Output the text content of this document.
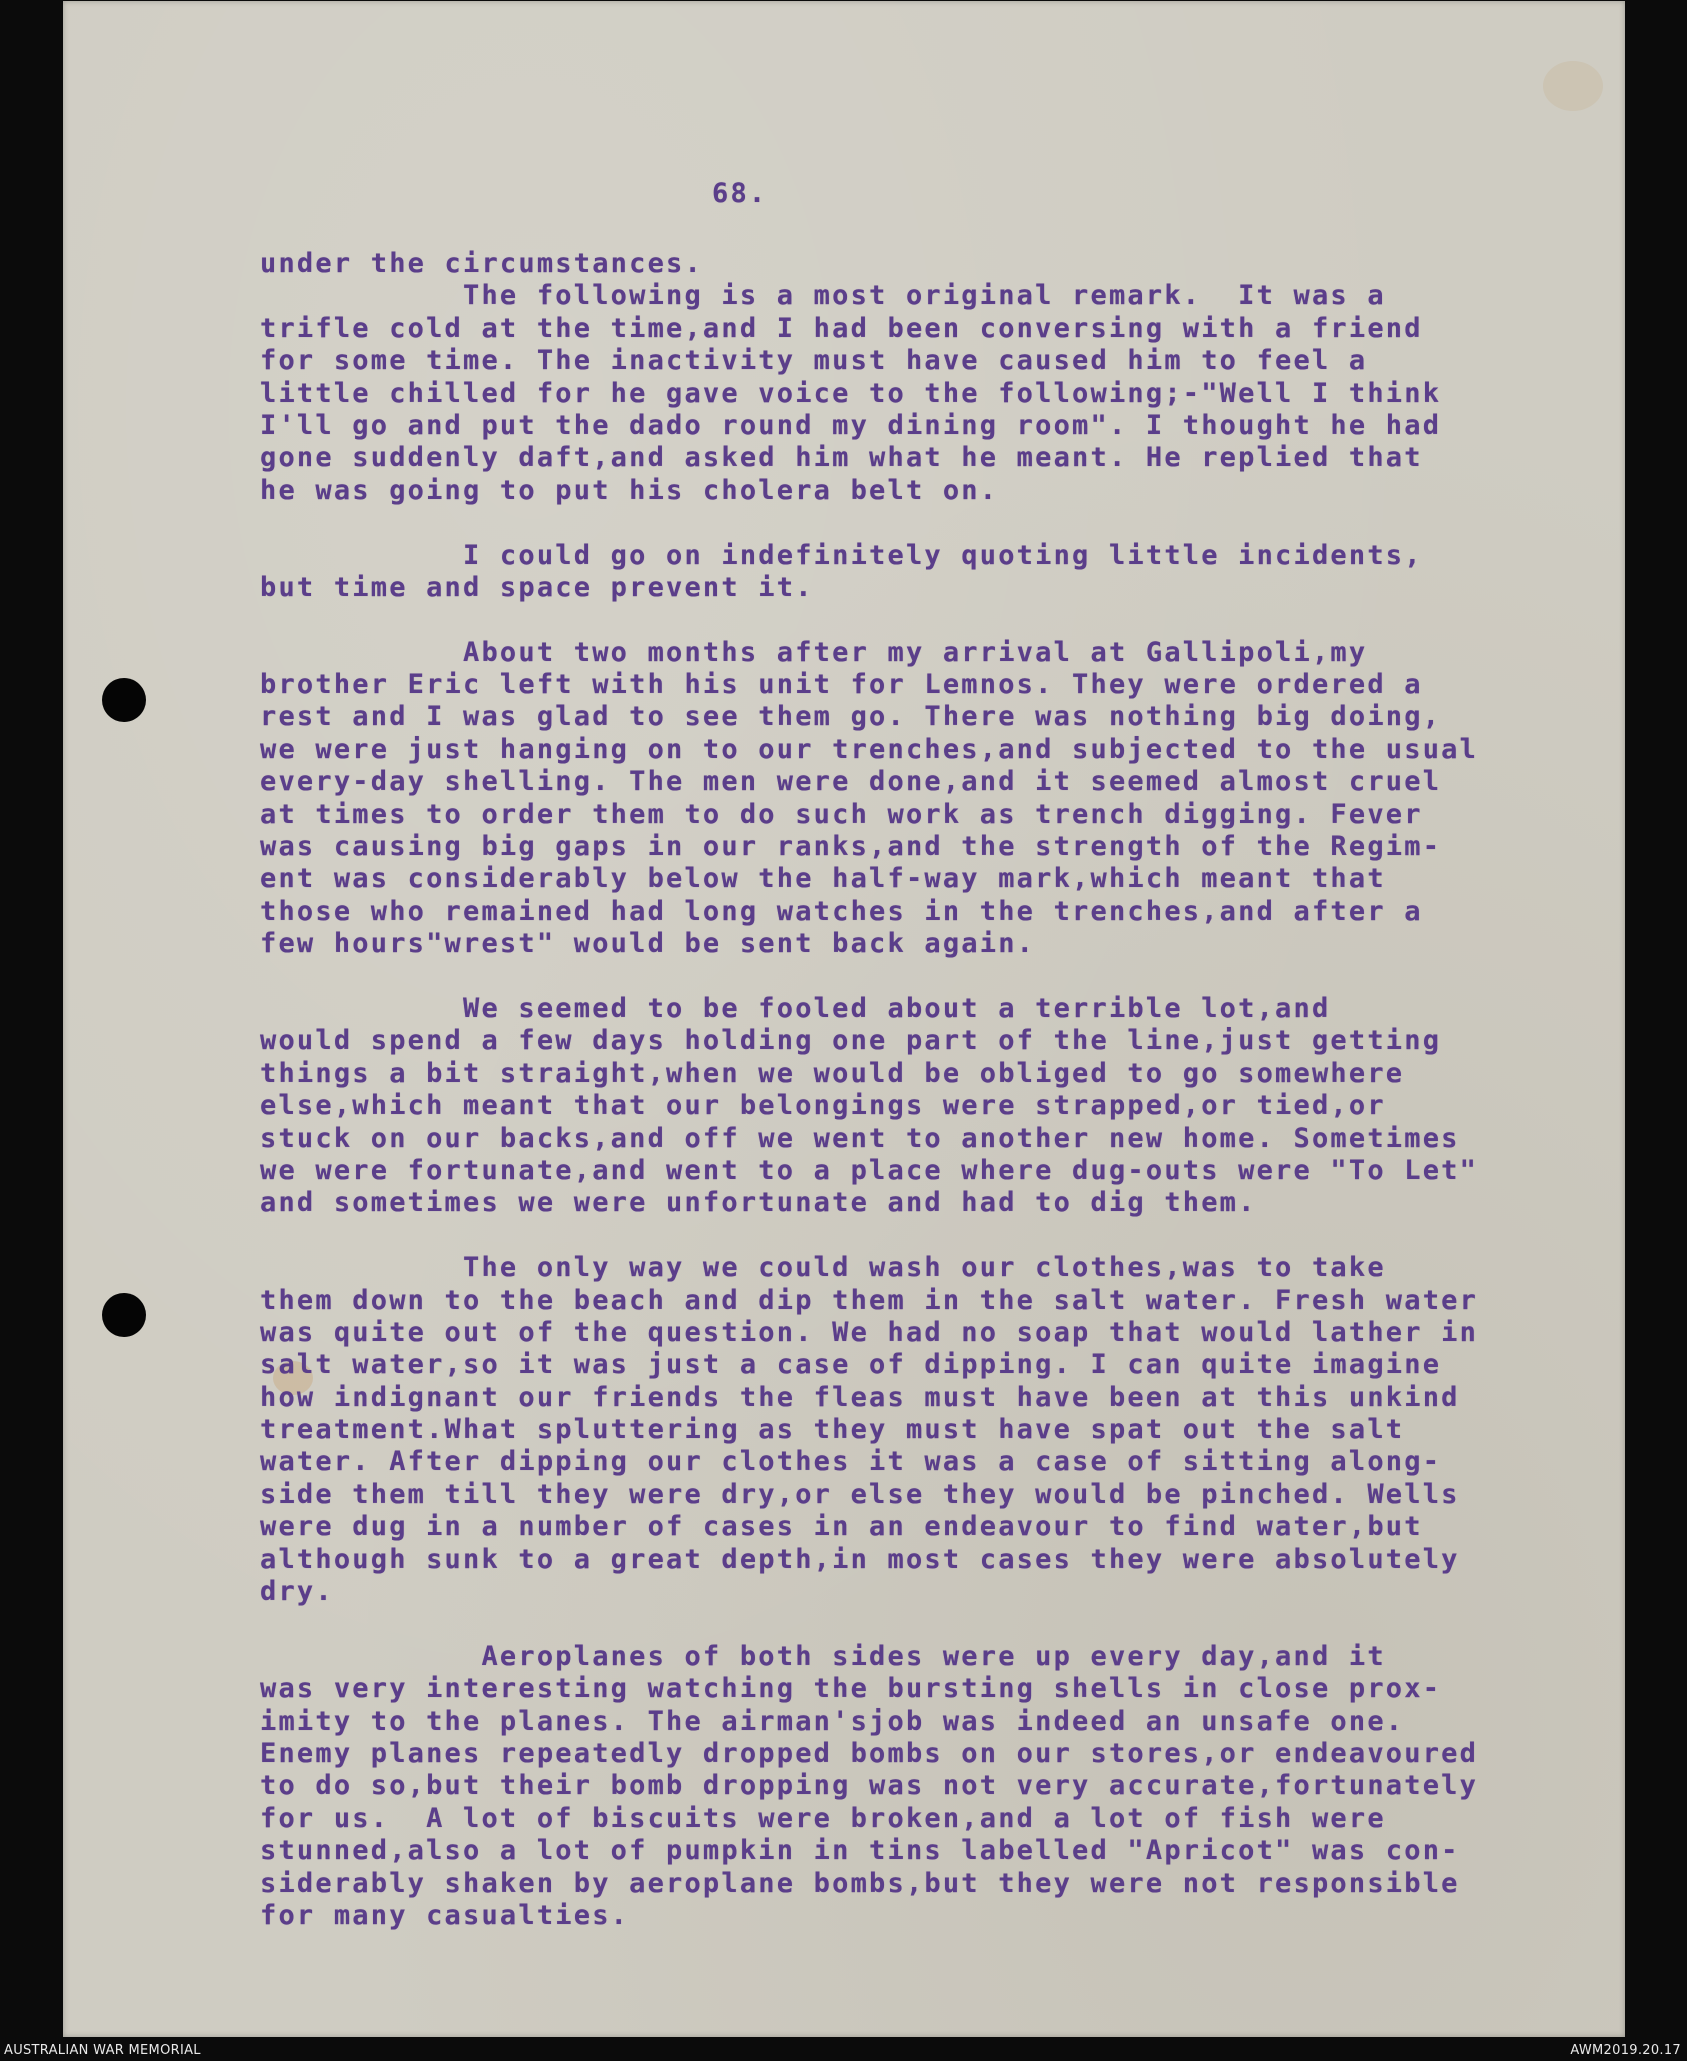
68.
under the circumstances.
The following is a most original remark.  It was a
trifle cold at the time,and I had been conversing with a friend
for some time. The inactivity must have caused him to feel a
little chilled for he gave voice to the following;-"Well I think
I'll go and put the dado round my dining room". I thought he had
gone suddenly daft,and asked him what he meant. He replied that
he was going to put his cholera belt on.
I could go on indefinitely quoting little incidents,
but time and space prevent it.
About two months after my arrival at Gallipoli,my
brother Eric left with his unit for Lemnos. They were ordered a
rest and I was glad to see them go. There was nothing big doing,
we were just hanging on to our trenches,and subjected to the usual
every-day shelling. The men were done,and it seemed almost cruel
at times to order them to do such work as trench digging. Fever
was causing big gaps in our ranks,and the strength of the Regim-
ent was considerably below the half-way mark,which meant that
those who remained had long watches in the trenches,and after a
few hours"wrest" would be sent back again.
We seemed to be fooled about a terrible lot,and
would spend a few days holding one part of the line,just getting
things a bit straight,when we would be obliged to go somewhere
else,which meant that our belongings were strapped,or tied,or
stuck on our backs,and off we went to another new home. Sometimes
we were fortunate,and went to a place where dug-outs were "To Let"
and sometimes we were unfortunate and had to dig them.
The only way we could wash our clothes,was to take
them down to the beach and dip them in the salt water. Fresh water
was quite out of the question. We had no soap that would lather in
salt water,so it was just a case of dipping. I can quite imagine
how indignant our friends the fleas must have been at this unkind
treatment.What spluttering as they must have spat out the salt
water. After dipping our clothes it was a case of sitting along-
side them till they were dry,or else they would be pinched. Wells
were dug in a number of cases in an endeavour to find water,but
although sunk to a great depth,in most cases they were absolutely
dry.
Aeroplanes of both sides were up every day,and it
was very interesting watching the bursting shells in close prox-
imity to the planes. The airman'sjob was indeed an unsafe one.
Enemy planes repeatedly dropped bombs on our stores,or endeavoured
to do so,but their bomb dropping was not very accurate,fortunately
for us.  A lot of biscuits were broken,and a lot of fish were
stunned,also a lot of pumpkin in tins labelled "Apricot" was con-
siderably shaken by aeroplane bombs,but they were not responsible
for many casualties.
AUSTRALIAN WAR MEMORIAL	AWM2019.20.17
